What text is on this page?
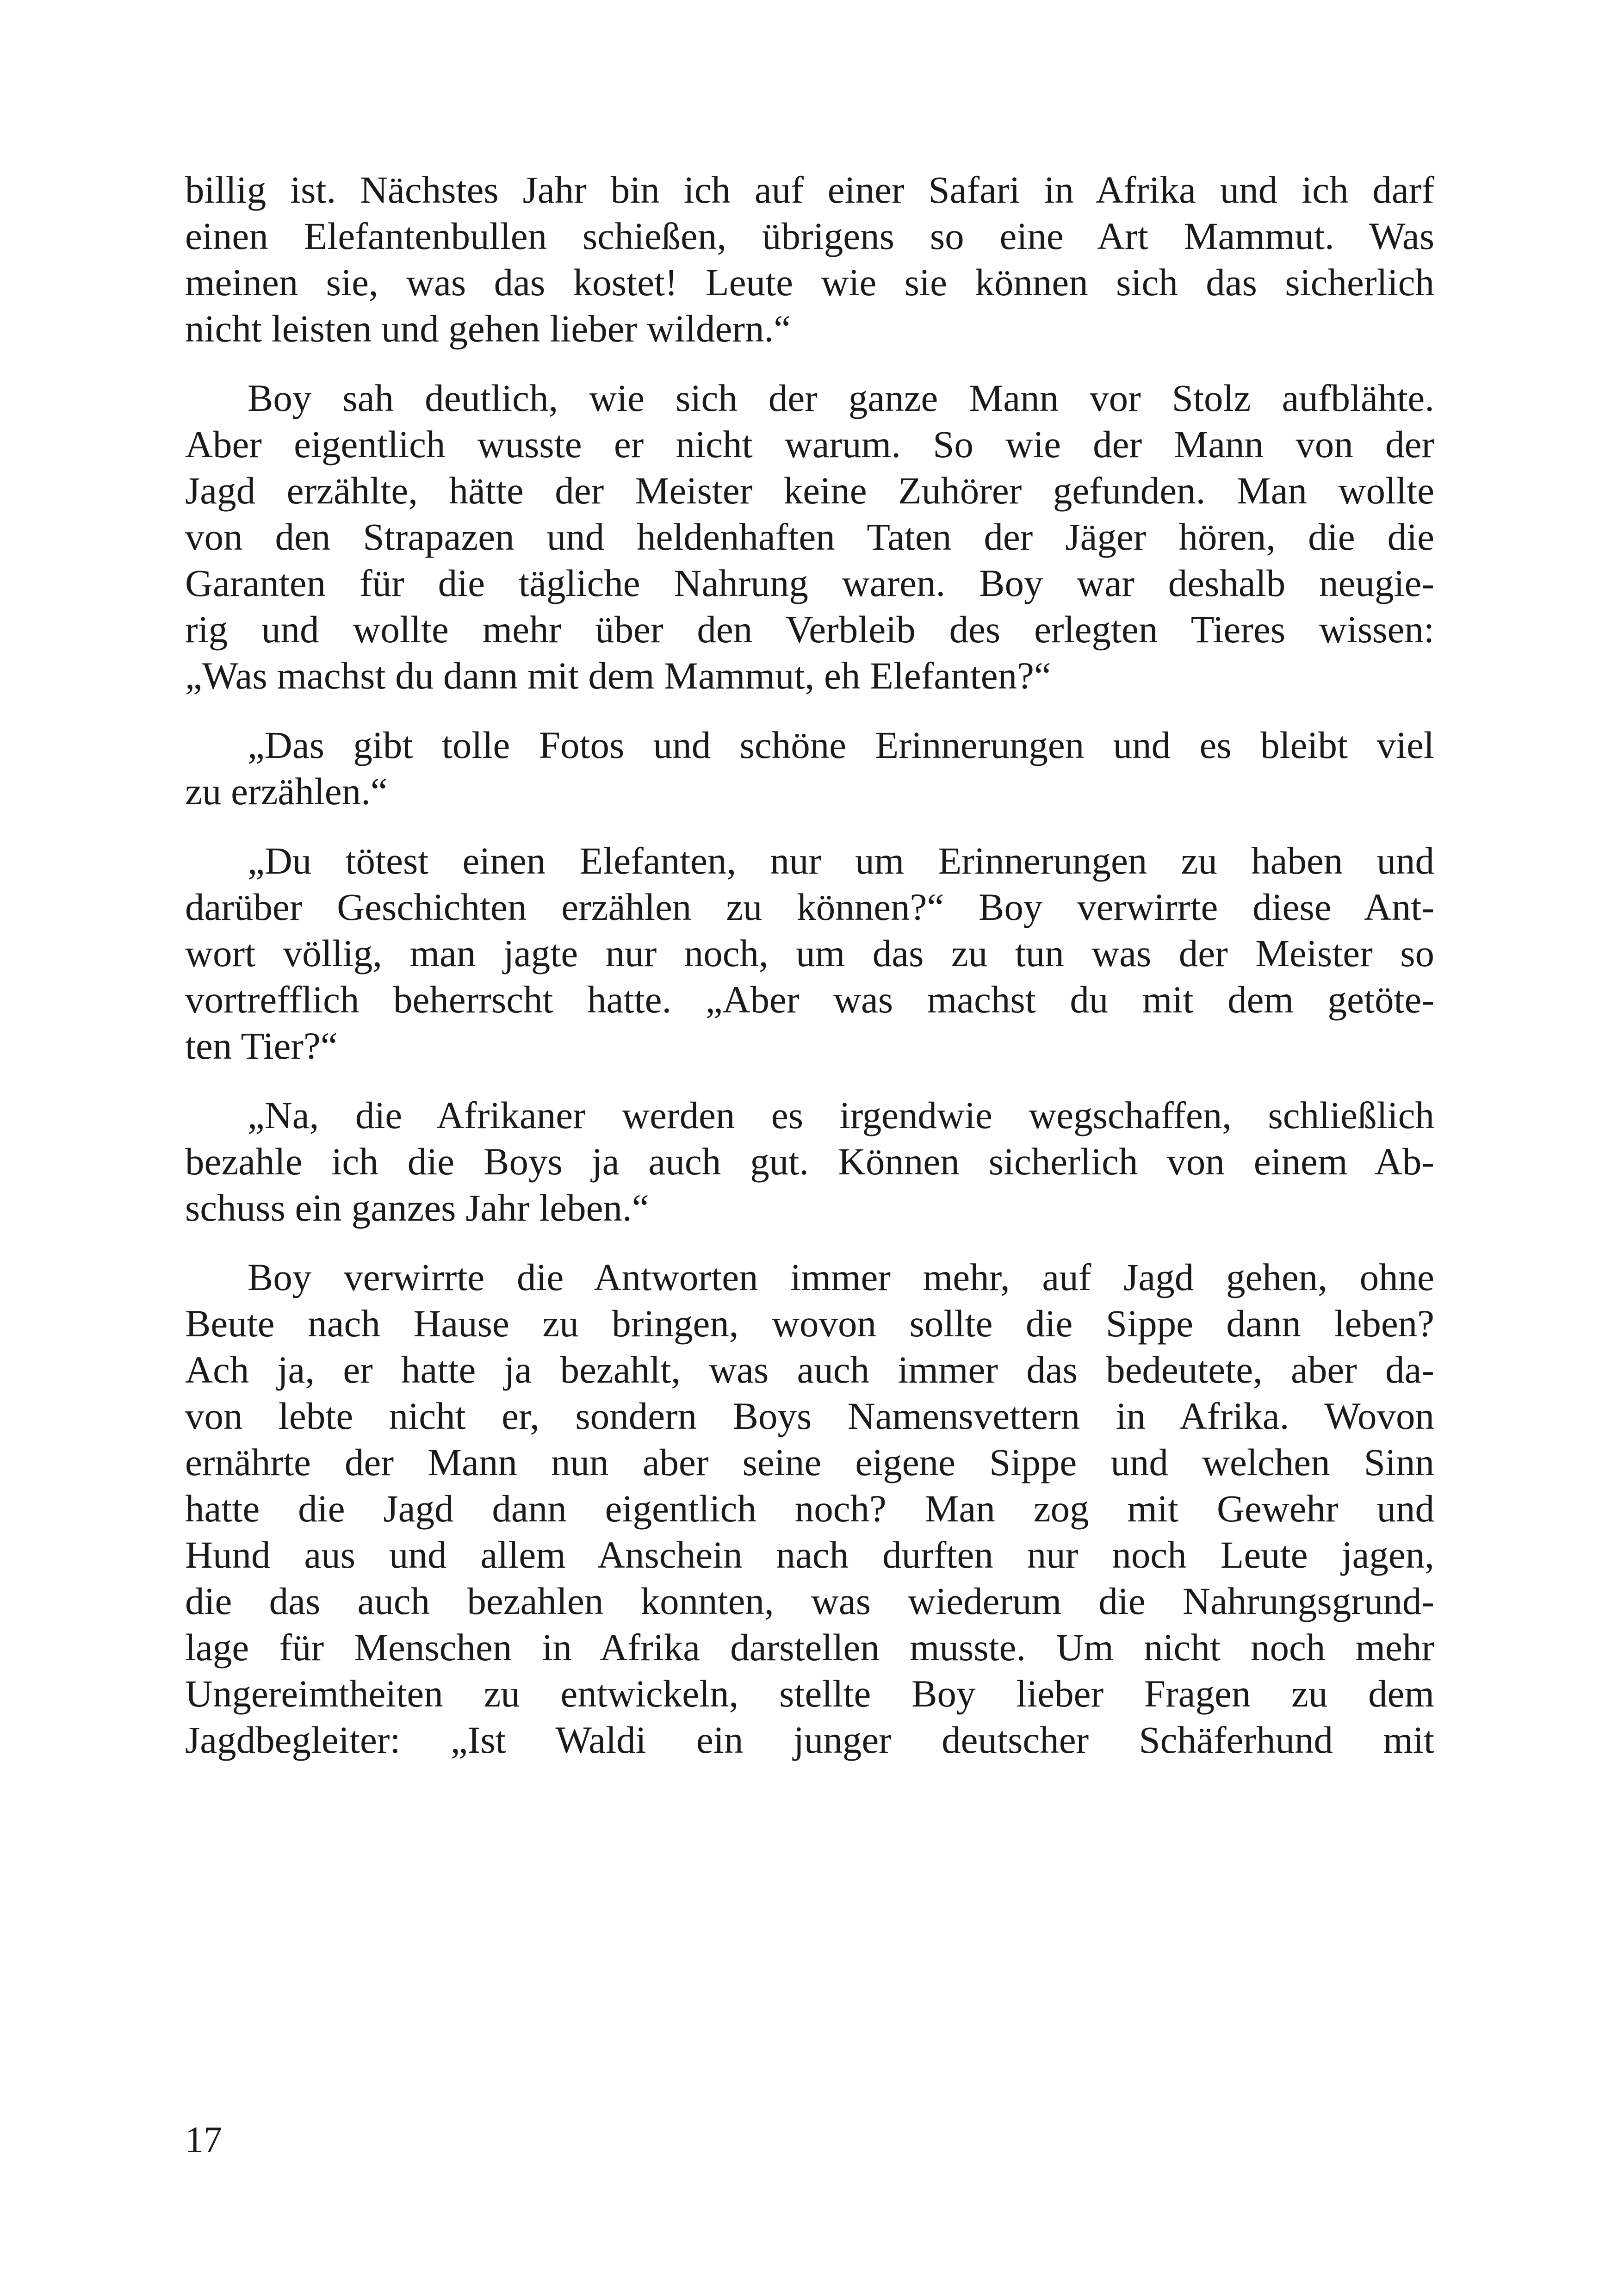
billig ist. Nächstes Jahr bin ich auf einer Safari in Afrika und ich darf
einen Elefantenbullen schießen, übrigens so eine Art Mammut. Was
meinen sie, was das kostet! Leute wie sie können sich das sicherlich
nicht leisten und gehen lieber wildern.“
Boy sah deutlich, wie sich der ganze Mann vor Stolz aufblähte.
Aber eigentlich wusste er nicht warum. So wie der Mann von der
Jagd erzählte, hätte der Meister keine Zuhörer gefunden. Man wollte
von den Strapazen und heldenhaften Taten der Jäger hören, die die
Garanten für die tägliche Nahrung waren. Boy war deshalb neugie-
rig und wollte mehr über den Verbleib des erlegten Tieres wissen:
„Was machst du dann mit dem Mammut, eh Elefanten?“
„Das gibt tolle Fotos und schöne Erinnerungen und es bleibt viel
zu erzählen.“
„Du tötest einen Elefanten, nur um Erinnerungen zu haben und
darüber Geschichten erzählen zu können?“ Boy verwirrte diese Ant-
wort völlig, man jagte nur noch, um das zu tun was der Meister so
vortrefflich beherrscht hatte. „Aber was machst du mit dem getöte-
ten Tier?“
„Na, die Afrikaner werden es irgendwie wegschaffen, schließlich
bezahle ich die Boys ja auch gut. Können sicherlich von einem Ab-
schuss ein ganzes Jahr leben.“
Boy verwirrte die Antworten immer mehr, auf Jagd gehen, ohne
Beute nach Hause zu bringen, wovon sollte die Sippe dann leben?
Ach ja, er hatte ja bezahlt, was auch immer das bedeutete, aber da-
von lebte nicht er, sondern Boys Namensvettern in Afrika. Wovon
ernährte der Mann nun aber seine eigene Sippe und welchen Sinn
hatte die Jagd dann eigentlich noch? Man zog mit Gewehr und
Hund aus und allem Anschein nach durften nur noch Leute jagen,
die das auch bezahlen konnten, was wiederum die Nahrungsgrund-
lage für Menschen in Afrika darstellen musste. Um nicht noch mehr
Ungereimtheiten zu entwickeln, stellte Boy lieber Fragen zu dem
Jagdbegleiter: „Ist Waldi ein junger deutscher Schäferhund mit
17
